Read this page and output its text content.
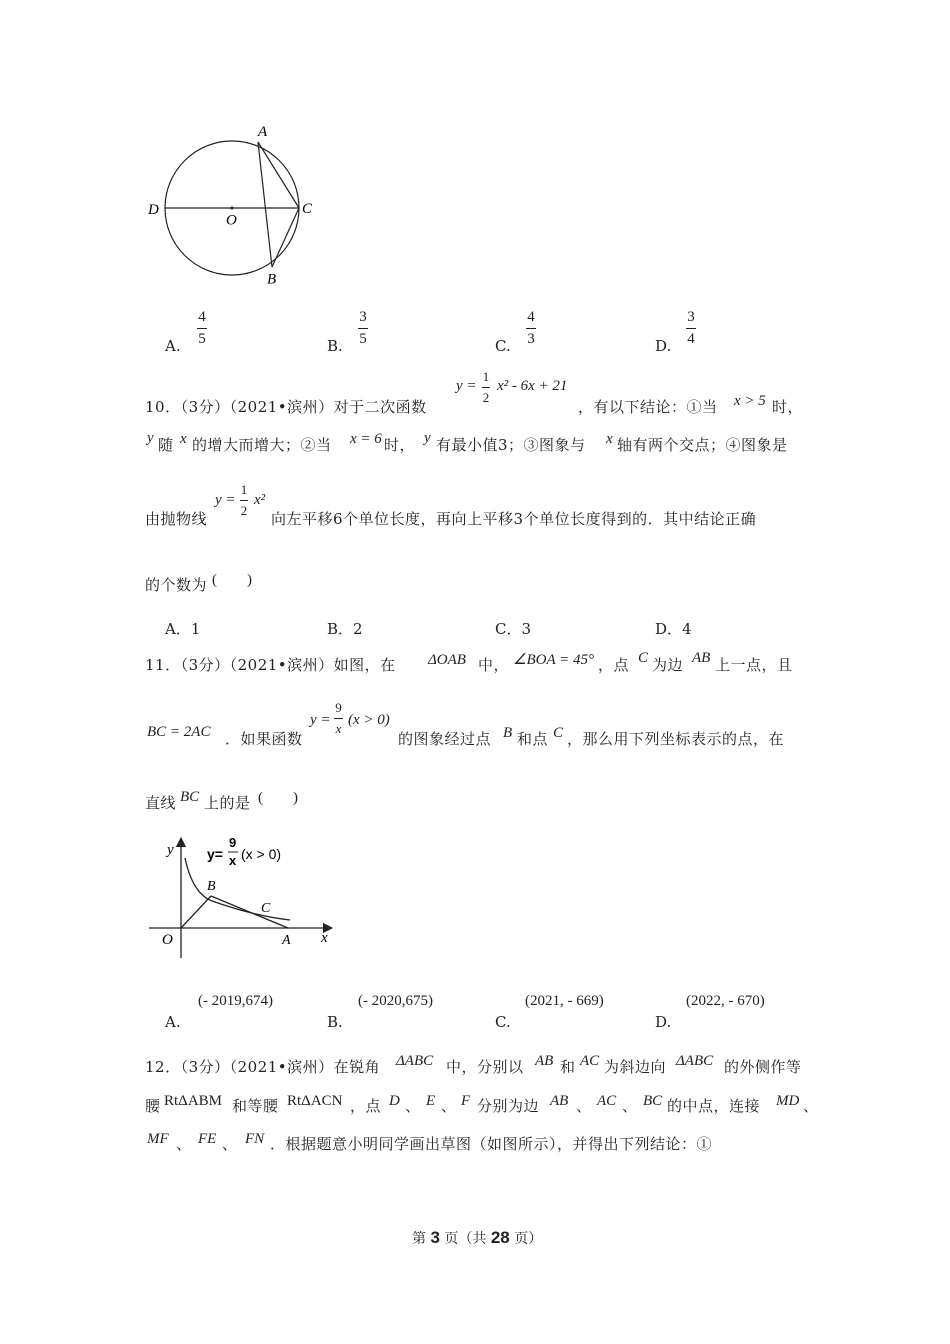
A
B
C
D
O
A.
4
5	B.
3
5	C.
4
3	D.
3
4
10．（3分）（2021•滨州）对于二次函数
y =
1
2
x² - 6x + 21
，有以下结论：①当 x > 5 时，
y 随 x 的增大而增大；②当 x = 6 时， y 有最小值3；③图象与 x 轴有两个交点；④图象是
由抛物线
y =
1
2
x²
向左平移6个单位长度，再向上平移3个单位长度得到的．其中结论正确
的个数为 (　　)
A．1	B．2	C．3	D．4
11．（3分）（2021•滨州）如图，在 ΔOAB 中， ∠BOA = 45° ，点 C 为边 AB 上一点，且
BC = 2AC ．如果函数
y =
9
x
(x > 0)
的图象经过点 B 和点 C ，那么用下列坐标表示的点，在
直线 BC 上的是 (　　)
y
x
O	A
B
C
y=
9
x (x > 0)
A.
(- 2019,674)
B.
(- 2020,675)
C.
(2021, - 669)
D.
(2022, - 670)
12．（3分）（2021•滨州）在锐角 ΔABC 中，分别以 AB 和 AC 为斜边向 ΔABC 的外侧作等
腰 RtΔABM 和等腰 RtΔACN ，点 D 、 E 、 F 分别为边 AB 、 AC 、 BC 的中点，连接 MD 、
MF 、 FE 、 FN ．根据题意小明同学画出草图（如图所示），并得出下列结论：①
第 3 页（共 28 页）
